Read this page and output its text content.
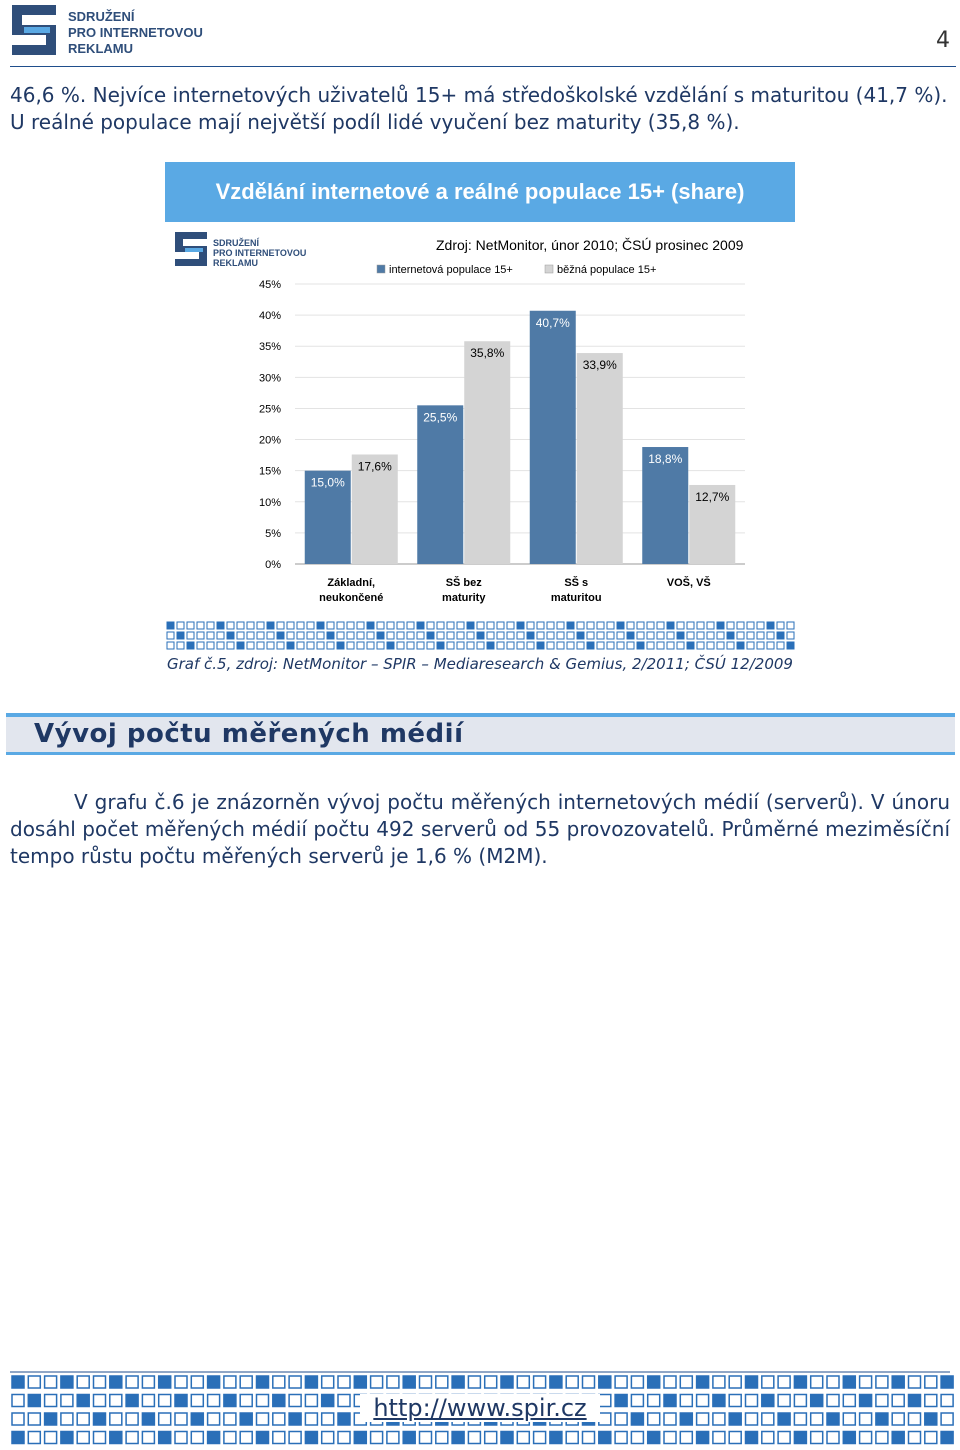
SDRUŽENÍ
PRO INTERNETOVOU
REKLAMU	4
46,6 %. Nejvíce internetových uživatelů 15+ má středoškolské vzdělání s maturitou (41,7 %). U reálné populace mají největší podíl lidé vyučení bez maturity (35,8 %).
Vzdělání internetové a reálné populace 15+ (share)
SDRUŽENÍ
PRO INTERNETOVOU
REKLAMU
Zdroj: NetMonitor, únor 2010; ČSÚ prosinec 2009
internetová populace 15+	běžná populace 15+
0%
5%
10%
15%
20%
25%
30%
35%
40%
45%
15,0%
17,6%
25,5%
35,8%
40,7%
33,9%
18,8%
12,7%
Základní,
neukončené
SŠ bez
maturity
SŠ s
maturitou
VOŠ, VŠ
Graf č.5, zdroj: NetMonitor – SPIR – Mediaresearch & Gemius, 2/2011; ČSÚ 12/2009
Vývoj počtu měřených médií
V grafu č.6 je znázorněn vývoj počtu měřených internetových médií (serverů). V únoru dosáhl počet měřených médií počtu 492 serverů od 55 provozovatelů. Průměrné meziměsíční tempo růstu počtu měřených serverů je 1,6 % (M2M).
http://www.spir.cz
